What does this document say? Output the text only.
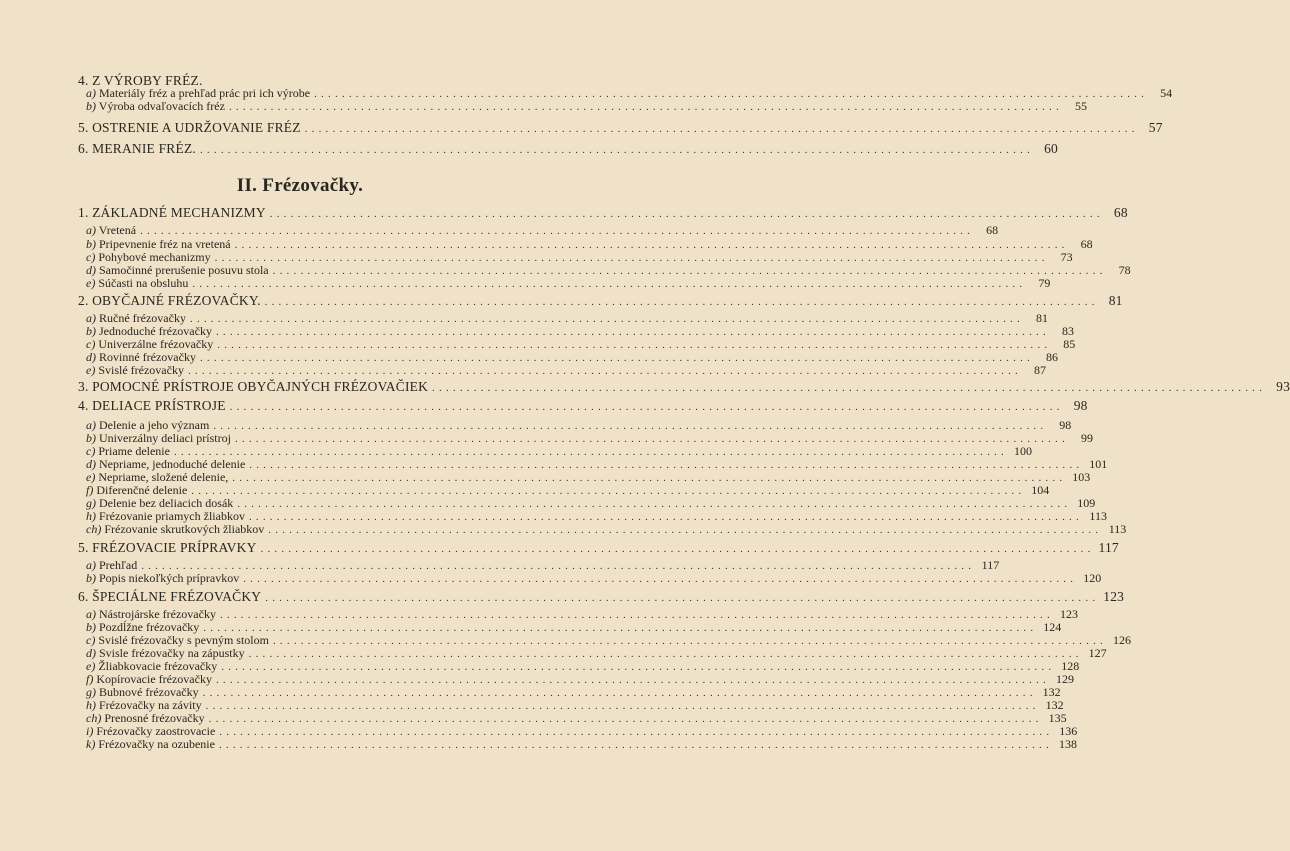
4. Z VÝROBY FRÉZ.
a) Materiály fréz a prehľad prác pri ich výrobe ........................................................................................................................	54
b) Výroba odvaľovacích fréz ........................................................................................................................	55
5. OSTRENIE A UDRŽOVANIE FRÉZ ........................................................................................................................ 57
6. MERANIE FRÉZ. ........................................................................................................................ 60
II. Frézovačky.
1. ZÁKLADNÉ MECHANIZMY ........................................................................................................................ 68
a) Vretená ........................................................................................................................	68
b) Pripevnenie fréz na vretená ........................................................................................................................	68
c) Pohybové mechanizmy ........................................................................................................................	73
d) Samočinné prerušenie posuvu stola ........................................................................................................................	78
e) Súčasti na obsluhu ........................................................................................................................	79
2. OBYČAJNÉ FRÉZOVAČKY. ........................................................................................................................ 81
a) Ručné frézovačky ........................................................................................................................	81
b) Jednoduché frézovačky ........................................................................................................................	83
c) Univerzálne frézovačky ........................................................................................................................	85
d) Rovinné frézovačky ........................................................................................................................	86
e) Svislé frézovačky ........................................................................................................................	87
3. POMOCNÉ PRÍSTROJE OBYČAJNÝCH FRÉZOVAČIEK ........................................................................................................................ 93
4. DELIACE PRÍSTROJE ........................................................................................................................ 98
a) Delenie a jeho význam ........................................................................................................................	98
b) Univerzálny deliaci prístroj ........................................................................................................................	99
c) Priame delenie ........................................................................................................................ 100
d) Nepriame, jednoduché delenie ........................................................................................................................ 101
e) Nepriame, složené delenie, ........................................................................................................................ 103
f) Diferenčné delenie ........................................................................................................................ 104
g) Delenie bez deliacich dosák ........................................................................................................................ 109
h) Frézovanie priamych žliabkov ........................................................................................................................ 113
ch) Frézovanie skrutkových žliabkov ........................................................................................................................ 113
5. FRÉZOVACIE PRÍPRAVKY ........................................................................................................................ 117
a) Prehľad ........................................................................................................................ 117
b) Popis niekoľkých prípravkov ........................................................................................................................ 120
6. ŠPECIÁLNE FRÉZOVAČKY ........................................................................................................................ 123
a) Nástrojárske frézovačky ........................................................................................................................ 123
b) Pozdĺžne frézovačky ........................................................................................................................ 124
c) Svislé frézovačky s pevným stolom ........................................................................................................................ 126
d) Svisle frézovačky na zápustky ........................................................................................................................ 127
e) Žliabkovacie frézovačky ........................................................................................................................ 128
f) Kopírovacie frézovačky ........................................................................................................................ 129
g) Bubnové frézovačky ........................................................................................................................ 132
h) Frézovačky na závity ........................................................................................................................ 132
ch) Prenosné frézovačky ........................................................................................................................ 135
i) Frézovačky zaostrovacie ........................................................................................................................ 136
k) Frézovačky na ozubenie ........................................................................................................................ 138
